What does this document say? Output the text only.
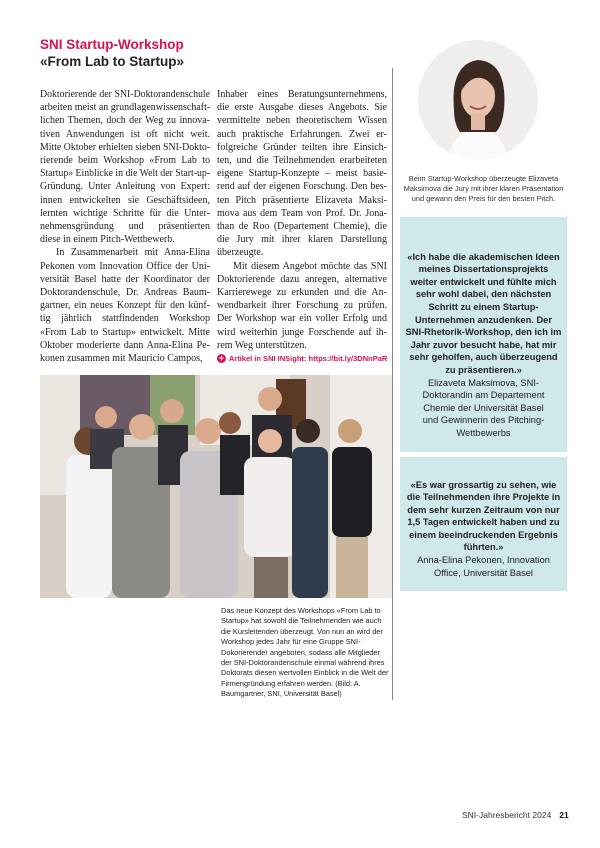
SNI Startup-Workshop
«From Lab to Startup»
Doktorierende der SNI-Doktorandenschule
arbeiten meist an grundlagenwissenschaft-
lichen Themen, doch der Weg zu innova-
tiven Anwendungen ist oft nicht weit.
Mitte Oktober erhielten sieben SNI-Dokto-
rierende beim Workshop «From Lab to
Startup» Einblicke in die Welt der Start-up-
Gründung. Unter Anleitung von Expert:
innen entwickelten sie Geschäftsideen,
lernten wichtige Schritte für die Unter-
nehmensgründung und präsentierten
diese in einem Pitch-Wettbewerb.
In Zusammenarbeit mit Anna-Elina
Pekonen vom Innovation Office der Uni-
versität Basel hatte der Koordinator der
Doktorandenschule, Dr. Andreas Baum-
gartner, ein neues Konzept für den künf-
tig jährlich stattfindenden Workshop
«From Lab to Startup» entwickelt. Mitte
Oktober moderierte dann Anna-Elina Pe-
konen zusammen mit Mauricio Campos,
Inhaber eines Beratungsunternehmens,
die erste Ausgabe dieses Angebots. Sie
vermittelte neben theoretischem Wissen
auch praktische Erfahrungen. Zwei er-
folgreiche Gründer teilten ihre Einsich-
ten, und die Teilnehmenden erarbeiteten
eigene Startup-Konzepte – meist basie-
rend auf der eigenen Forschung. Den bes-
ten Pitch präsentierte Elizaveta Maksi-
mova aus dem Team von Prof. Dr. Jona-
than de Roo (Departement Chemie), die
die Jury mit ihrer klaren Darstellung
überzeugte.
Mit diesem Angebot möchte das SNI
Doktorierende dazu anregen, alternative
Karrierewege zu erkunden und die An-
wendbarkeit ihrer Forschung zu prüfen.
Der Workshop war ein voller Erfolg und
wird weiterhin junge Forschende auf ih-
rem Weg unterstützen.
+ Artikel in SNI INSight: https://bit.ly/3DNnPaR
Beim Startup-Workshop überzeugte Elizaveta Maksimova die Jury mit ihrer klaren Präsentation und gewann den Preis für den besten Pitch.
«Ich habe die akademischen Ideen meines Dissertationsprojekts weiter entwickelt und fühlte mich sehr wohl dabei, den nächsten Schritt zu einem Startup-Unternehmen anzudenken. Der SNI-Rhetorik-Workshop, den ich im Jahr zuvor besucht habe, hat mir sehr geholfen, auch überzeugend zu präsentieren.»
Elizaveta Maksimova, SNI-Doktorandin am Departement Chemie der Universität Basel und Gewinnerin des Pitching-Wettbewerbs
«Es war grossartig zu sehen, wie die Teilnehmenden ihre Projekte in dem sehr kurzen Zeitraum von nur 1,5 Tagen entwickelt haben und zu einem beeindruckenden Ergebnis führten.»
Anna-Elina Pekonen, Innovation Office, Universität Basel
Das neue Konzept des Workshops «From Lab to Startup» hat sowohl die Teilnehmenden wie auch die Kursleitenden überzeugt. Von nun an wird der Workshop jedes Jahr für eine Gruppe SNI-Dokorierender angeboten, sodass alle Mitglieder der SNI-Doktorandenschule einmal während ihres Doktorats diesen wertvollen Einblick in die Welt der Firmengründung erfahren werden. (Bild: A. Baumgartner, SNI, Universität Basel)
SNI-Jahresbericht 2024 21
